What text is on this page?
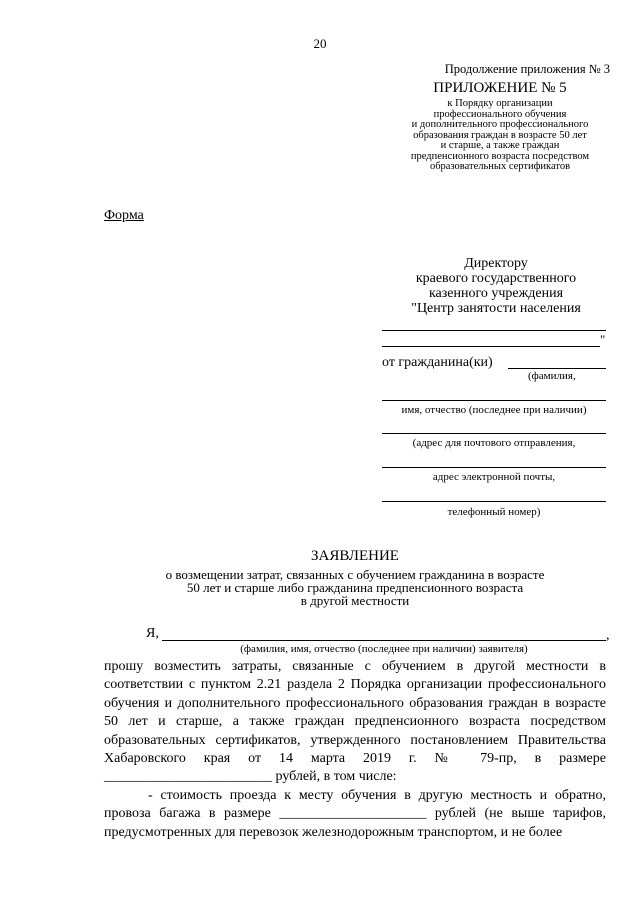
20
Продолжение приложения № 3
ПРИЛОЖЕНИЕ № 5
к Порядку организации
профессионального обучения
и дополнительного профессионального
образования граждан в возрасте 50 лет
и старше, а также граждан
предпенсионного возраста посредством
образовательных сертификатов
Форма
Директору
краевого государственного
казенного учреждения
"Центр занятости населения
"
от гражданина(ки)
(фамилия,
имя, отчество (последнее при наличии)
(адрес для почтового отправления,
адрес электронной почты,
телефонный номер)
ЗАЯВЛЕНИЕ
о возмещении затрат, связанных с обучением гражданина в возрасте
50 лет и старше либо гражданина предпенсионного возраста
в другой местности
Я,	,
(фамилия, имя, отчество (последнее при наличии) заявителя)

прошу возместить затраты, связанные с обучением в другой местности в соответствии с пунктом 2.21 раздела 2 Порядка организации профессионального обучения и дополнительного профессионального образования граждан в возрасте 50 лет и старше, а также граждан предпенсионного возраста посредством образовательных сертификатов, утвержденного постановлением Правительства Хабаровского края от 14 марта 2019 г. № 79-пр, в размере ________________________ рублей, в том числе:

- стоимость проезда к месту обучения в другую местность и обратно, провоза багажа в размере _____________________ рублей (не выше тарифов, предусмотренных для перевозок железнодорожным транспортом, и не более
